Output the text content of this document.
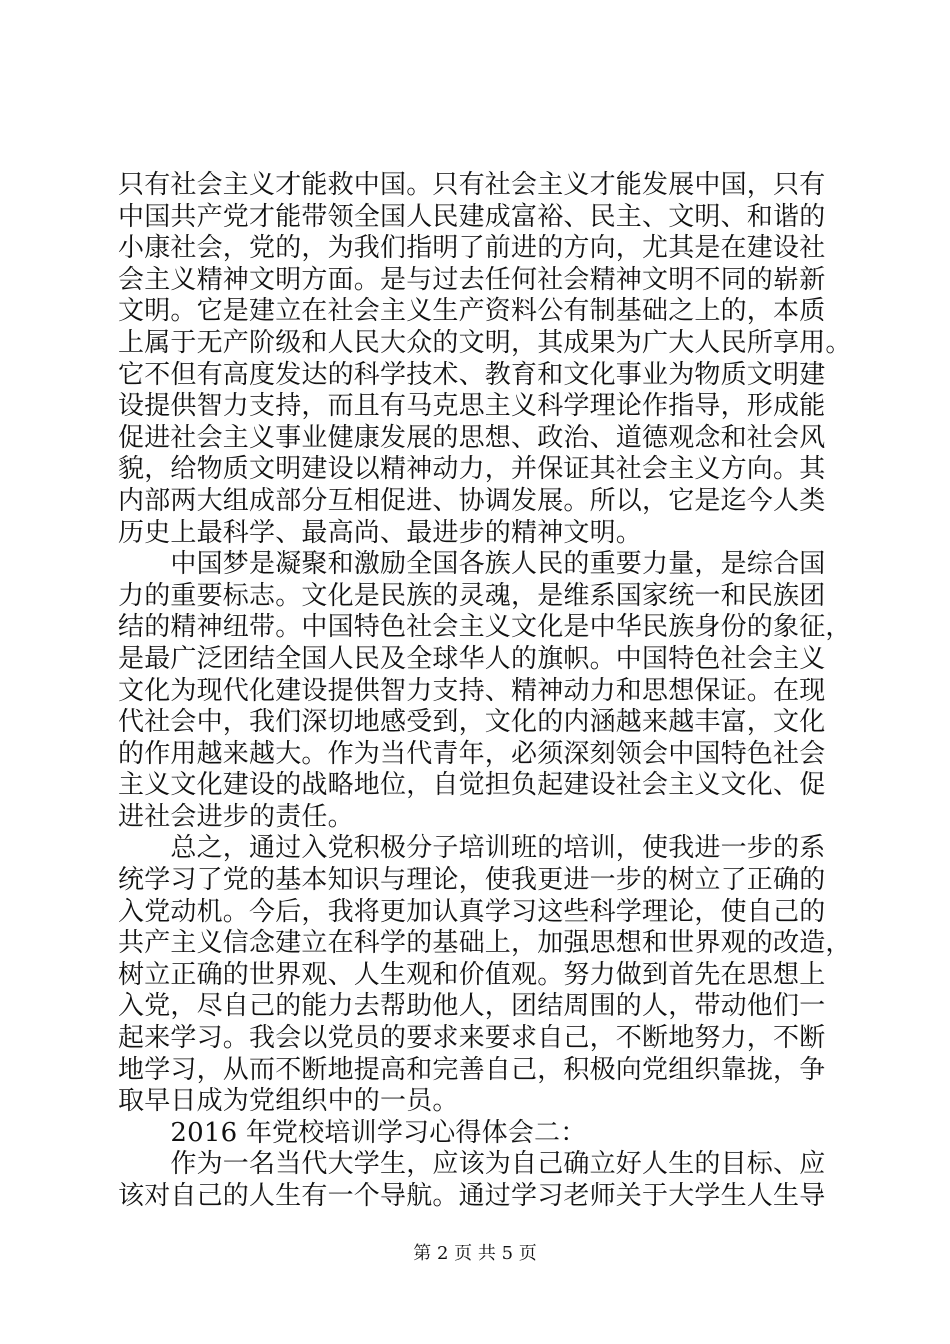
只有社会主义才能救中国。只有社会主义才能发展中国，只有
中国共产党才能带领全国人民建成富裕、民主、文明、和谐的
小康社会，党的，为我们指明了前进的方向，尤其是在建设社
会主义精神文明方面。是与过去任何社会精神文明不同的崭新
文明。它是建立在社会主义生产资料公有制基础之上的，本质
上属于无产阶级和人民大众的文明，其成果为广大人民所享用。
它不但有高度发达的科学技术、教育和文化事业为物质文明建
设提供智力支持，而且有马克思主义科学理论作指导，形成能
促进社会主义事业健康发展的思想、政治、道德观念和社会风
貌，给物质文明建设以精神动力，并保证其社会主义方向。其
内部两大组成部分互相促进、协调发展。所以，它是迄今人类
历史上最科学、最高尚、最进步的精神文明。
　　中国梦是凝聚和激励全国各族人民的重要力量，是综合国
力的重要标志。文化是民族的灵魂，是维系国家统一和民族团
结的精神纽带。中国特色社会主义文化是中华民族身份的象征，
是最广泛团结全国人民及全球华人的旗帜。中国特色社会主义
文化为现代化建设提供智力支持、精神动力和思想保证。在现
代社会中，我们深切地感受到，文化的内涵越来越丰富，文化
的作用越来越大。作为当代青年，必须深刻领会中国特色社会
主义文化建设的战略地位，自觉担负起建设社会主义文化、促
进社会进步的责任。
　　总之，通过入党积极分子培训班的培训，使我进一步的系
统学习了党的基本知识与理论，使我更进一步的树立了正确的
入党动机。今后，我将更加认真学习这些科学理论，使自己的
共产主义信念建立在科学的基础上，加强思想和世界观的改造，
树立正确的世界观、人生观和价值观。努力做到首先在思想上
入党，尽自己的能力去帮助他人，团结周围的人，带动他们一
起来学习。我会以党员的要求来要求自己，不断地努力，不断
地学习，从而不断地提高和完善自己，积极向党组织靠拢，争
取早日成为党组织中的一员。
　　2016 年党校培训学习心得体会二：
　　作为一名当代大学生，应该为自己确立好人生的目标、应
该对自己的人生有一个导航。通过学习老师关于大学生人生导
第 2 页 共 5 页
